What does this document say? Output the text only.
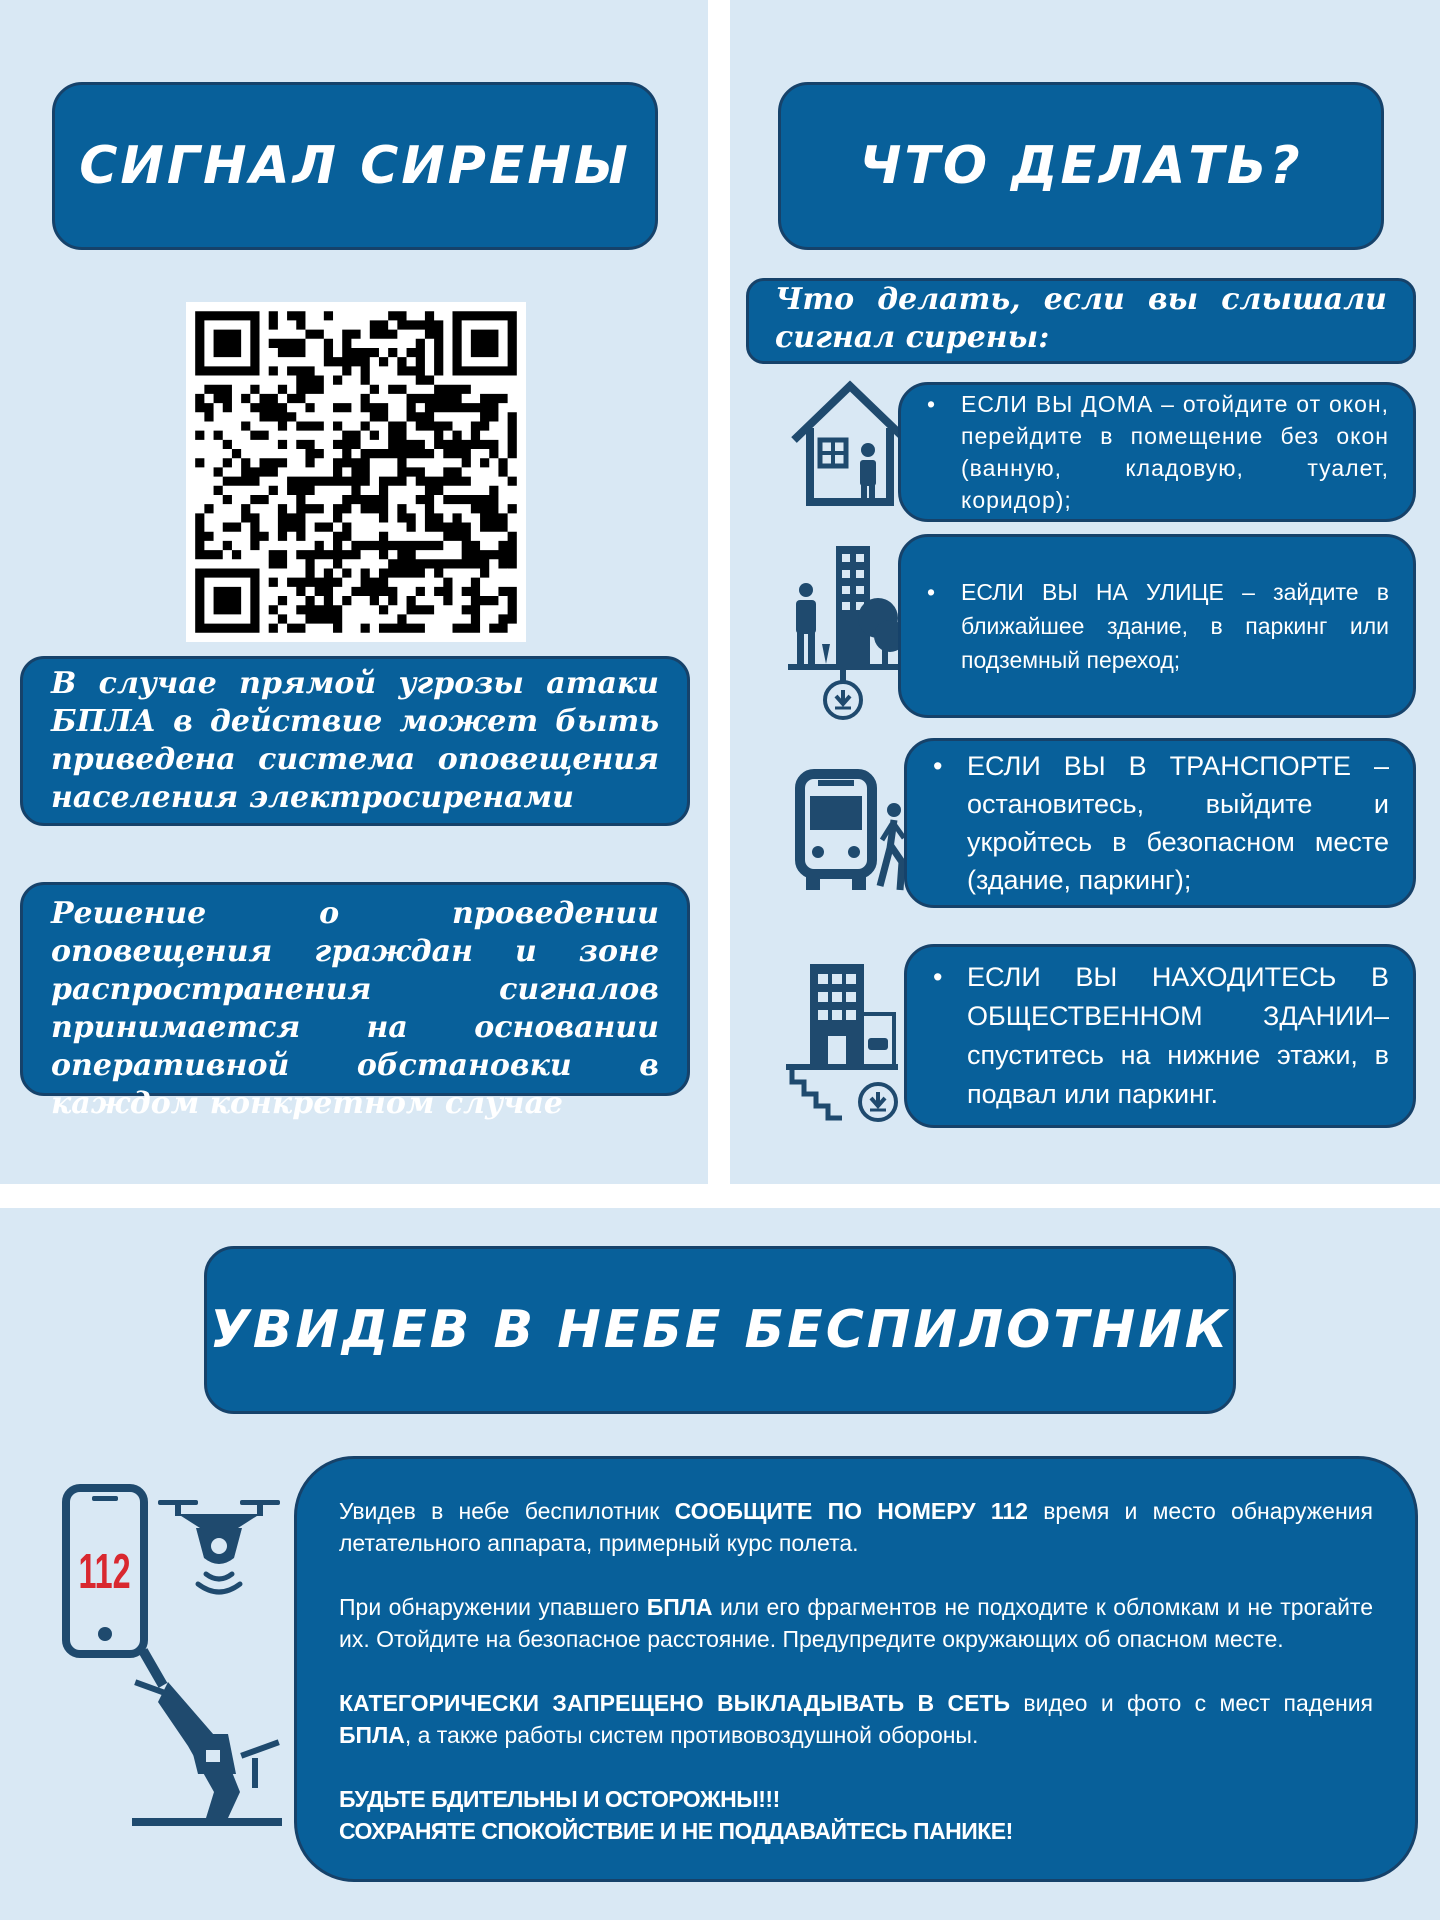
СИГНАЛ СИРЕНЫ	ЧТО ДЕЛАТЬ?
УВИДЕВ В НЕБЕ БЕСПИЛОТНИК
В случае прямой угрозы атаки БПЛА в действие может быть приведена система оповещения населения электросиренами
Решение о проведении оповещения граждан и зоне распространения сигналов принимается на основании оперативной обстановки в каждом конкретном случае
Что делать, если вы слышали сигнал сирены:
• ЕСЛИ ВЫ ДОМА – отойдите от окон, перейдите в помещение без окон (ванную, кладовую, туалет, коридор);
• ЕСЛИ ВЫ НА УЛИЦЕ – зайдите в ближайшее здание, в паркинг или подземный переход;
• ЕСЛИ ВЫ В ТРАНСПОРТЕ – остановитесь, выйдите и укройтесь в безопасном месте (здание, паркинг);
• ЕСЛИ ВЫ НАХОДИТЕСЬ В ОБЩЕСТВЕННОМ ЗДАНИИ– спуститесь на нижние этажи, в подвал или паркинг.
112

Увидев в небе беспилотник СООБЩИТЕ ПО НОМЕРУ 112 время и место обнаружения летательного аппарата, примерный курс полета.

При обнаружении упавшего БПЛА или его фрагментов не подходите к обломкам и не трогайте их. Отойдите на безопасное расстояние. Предупредите окружающих об опасном месте.

КАТЕГОРИЧЕСКИ ЗАПРЕЩЕНО ВЫКЛАДЫВАТЬ В СЕТЬ видео и фото с мест падения БПЛА, а также работы систем противовоздушной обороны.

БУДЬТЕ БДИТЕЛЬНЫ И ОСТОРОЖНЫ!!!
СОХРАНЯТЕ СПОКОЙСТВИЕ И НЕ ПОДДАВАЙТЕСЬ ПАНИКЕ!
